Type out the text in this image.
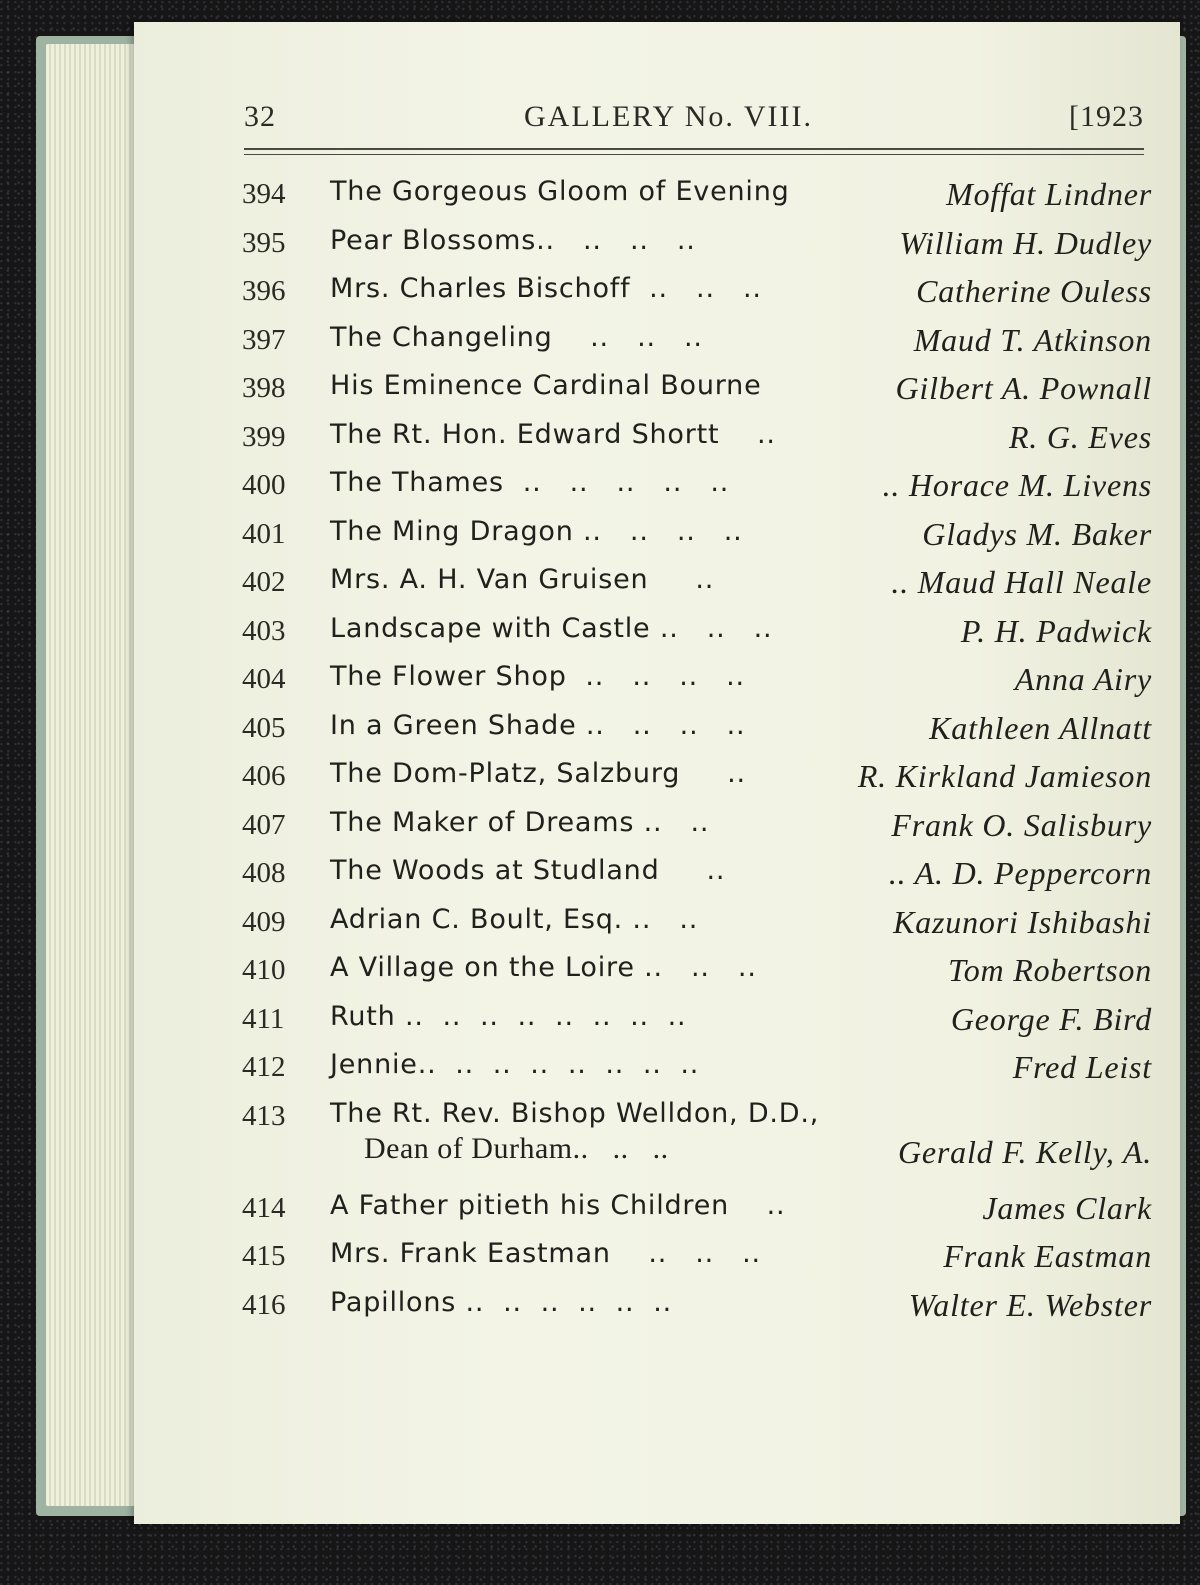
32	GALLERY No. VIII.	[1923
394	The Gorgeous Gloom of Evening	Moffat Lindner
395	Pear Blossoms..   ..   ..   ..	William H. Dudley
396	Mrs. Charles Bischoff  ..   ..   ..	Catherine Ouless
397	The Changeling    ..   ..   ..	Maud T. Atkinson
398	His Eminence Cardinal Bourne	Gilbert A. Pownall
399	The Rt. Hon. Edward Shortt    ..	R. G. Eves
400	The Thames  ..   ..   ..   ..   ..	.. Horace M. Livens
401	The Ming Dragon ..   ..   ..   ..	Gladys M. Baker
402	Mrs. A. H. Van Gruisen     ..	.. Maud Hall Neale
403	Landscape with Castle ..   ..   ..	P. H. Padwick
404	The Flower Shop  ..   ..   ..   ..	Anna Airy
405	In a Green Shade ..   ..   ..   ..	Kathleen Allnatt
406	The Dom-Platz, Salzburg     ..	R. Kirkland Jamieson
407	The Maker of Dreams ..   ..	Frank O. Salisbury
408	The Woods at Studland     ..	.. A. D. Peppercorn
409	Adrian C. Boult, Esq. ..   ..	Kazunori Ishibashi
410	A Village on the Loire ..   ..   ..	Tom Robertson
411	Ruth ..  ..  ..  ..  ..  ..  ..  ..	George F. Bird
412	Jennie..  ..  ..  ..  ..  ..  ..  ..	Fred Leist
413	The Rt. Rev. Bishop Welldon, D.D.,
Dean of Durham..   ..   ..	Gerald F. Kelly, A.
414	A Father pitieth his Children    ..	James Clark
415	Mrs. Frank Eastman    ..   ..   ..	Frank Eastman
416	Papillons ..  ..  ..  ..  ..  ..	Walter E. Webster
